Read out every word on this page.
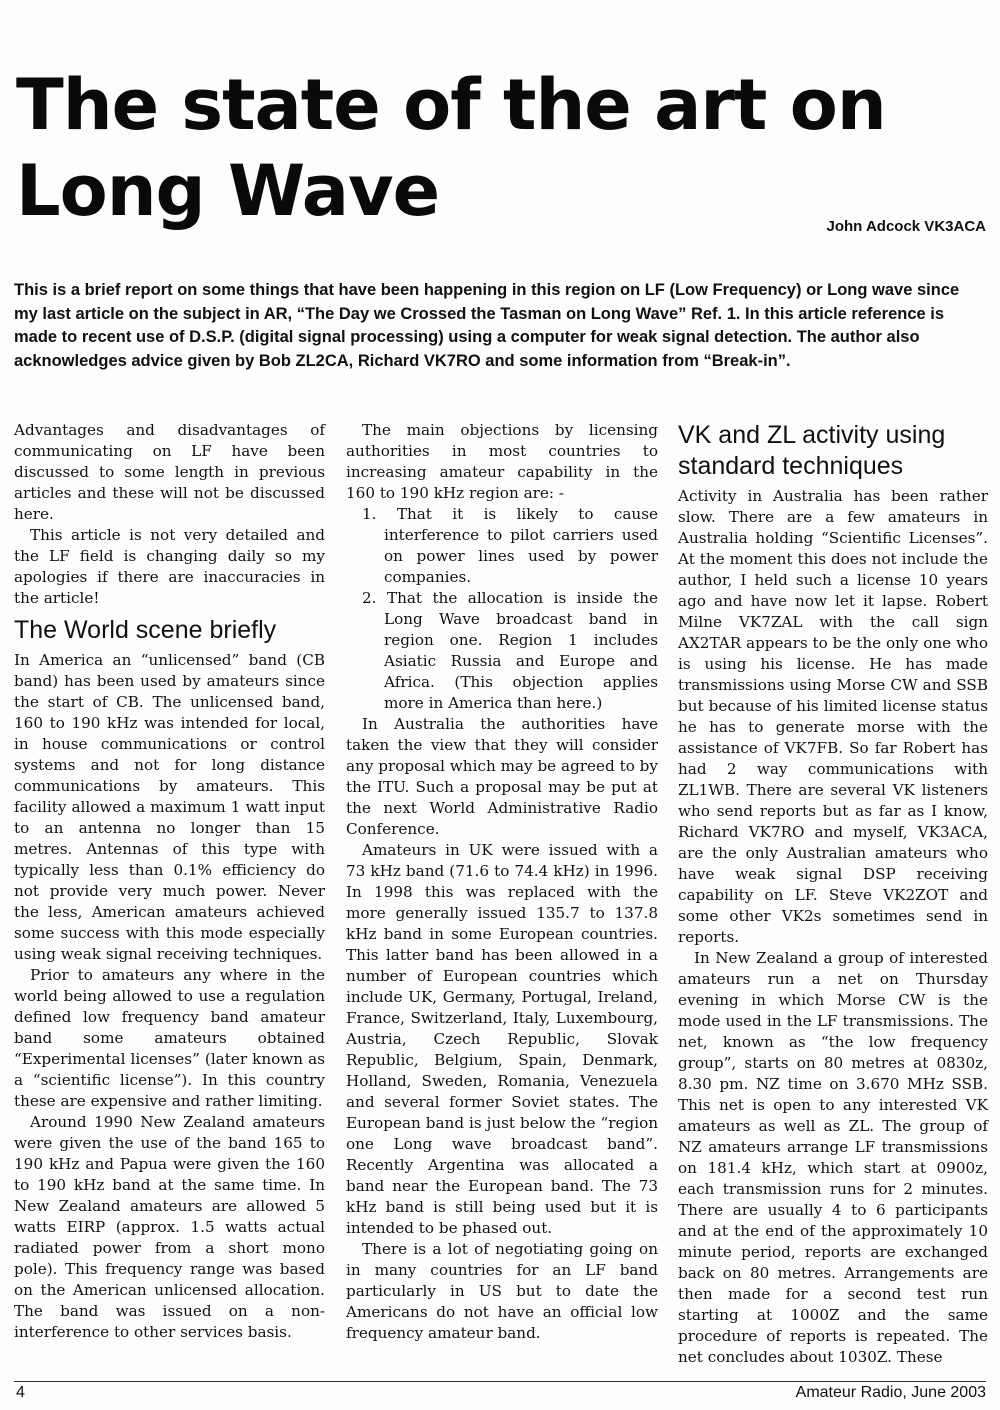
The state of the art on
Long Wave	John Adcock VK3ACA

This is a brief report on some things that have been happening in this region on LF (Low Frequency) or Long wave since my last article on the subject in AR, “The Day we Crossed the Tasman on Long Wave” Ref. 1. In this article reference is made to recent use of D.S.P. (digital signal processing) using a computer for weak signal detection. The author also acknowledges advice given by Bob ZL2CA, Richard VK7RO and some information from “Break-in”.

Advantages and disadvantages of communicating on LF have been discussed to some length in previous articles and these will not be discussed here.

This article is not very detailed and the LF field is changing daily so my apologies if there are inaccuracies in the article!

The World scene briefly

In America an “unlicensed” band (CB band) has been used by amateurs since the start of CB. The unlicensed band, 160 to 190 kHz was intended for local, in house communications or control systems and not for long distance communications by amateurs. This facility allowed a maximum 1 watt input to an antenna no longer than 15 metres. Antennas of this type with typically less than 0.1% efficiency do not provide very much power. Never the less, American amateurs achieved some success with this mode especially using weak signal receiving techniques.

Prior to amateurs any where in the world being allowed to use a regulation defined low frequency band amateur band some amateurs obtained “Experimental licenses” (later known as a “scientific license”). In this country these are expensive and rather limiting.

Around 1990 New Zealand amateurs were given the use of the band 165 to 190 kHz and Papua were given the 160 to 190 kHz band at the same time. In New Zealand amateurs are allowed 5 watts EIRP (approx. 1.5 watts actual radiated power from a short mono pole). This frequency range was based on the American unlicensed allocation. The band was issued on a non-interference to other services basis.

The main objections by licensing authorities in most countries to increasing amateur capability in the 160 to 190 kHz region are: -

1. That it is likely to cause interference to pilot carriers used on power lines used by power companies.
2. That the allocation is inside the Long Wave broadcast band in region one. Region 1 includes Asiatic Russia and Europe and Africa. (This objection applies more in America than here.)

In Australia the authorities have taken the view that they will consider any proposal which may be agreed to by the ITU. Such a proposal may be put at the next World Administrative Radio Conference.

Amateurs in UK were issued with a 73 kHz band (71.6 to 74.4 kHz) in 1996. In 1998 this was replaced with the more generally issued 135.7 to 137.8 kHz band in some European countries. This latter band has been allowed in a number of European countries which include UK, Germany, Portugal, Ireland, France, Switzerland, Italy, Luxembourg, Austria, Czech Republic, Slovak Republic, Belgium, Spain, Denmark, Holland, Sweden, Romania, Venezuela and several former Soviet states. The European band is just below the “region one Long wave broadcast band”. Recently Argentina was allocated a band near the European band. The 73 kHz band is still being used but it is intended to be phased out.

There is a lot of negotiating going on in many countries for an LF band particularly in US but to date the Americans do not have an official low frequency amateur band.

VK and ZL activity using standard techniques

Activity in Australia has been rather slow. There are a few amateurs in Australia holding “Scientific Licenses”. At the moment this does not include the author, I held such a license 10 years ago and have now let it lapse. Robert Milne VK7ZAL with the call sign AX2TAR appears to be the only one who is using his license. He has made transmissions using Morse CW and SSB but because of his limited license status he has to generate morse with the assistance of VK7FB. So far Robert has had 2 way communications with ZL1WB. There are several VK listeners who send reports but as far as I know, Richard VK7RO and myself, VK3ACA, are the only Australian amateurs who have weak signal DSP receiving capability on LF. Steve VK2ZOT and some other VK2s sometimes send in reports.

In New Zealand a group of interested amateurs run a net on Thursday evening in which Morse CW is the mode used in the LF transmissions. The net, known as “the low frequency group”, starts on 80 metres at 0830z, 8.30 pm. NZ time on 3.670 MHz SSB. This net is open to any interested VK amateurs as well as ZL. The group of NZ amateurs arrange LF transmissions on 181.4 kHz, which start at 0900z, each transmission runs for 2 minutes. There are usually 4 to 6 participants and at the end of the approximately 10 minute period, reports are exchanged back on 80 metres. Arrangements are then made for a second test run starting at 1000Z and the same procedure of reports is repeated. The net concludes about 1030Z. These

4	Amateur Radio, June 2003
